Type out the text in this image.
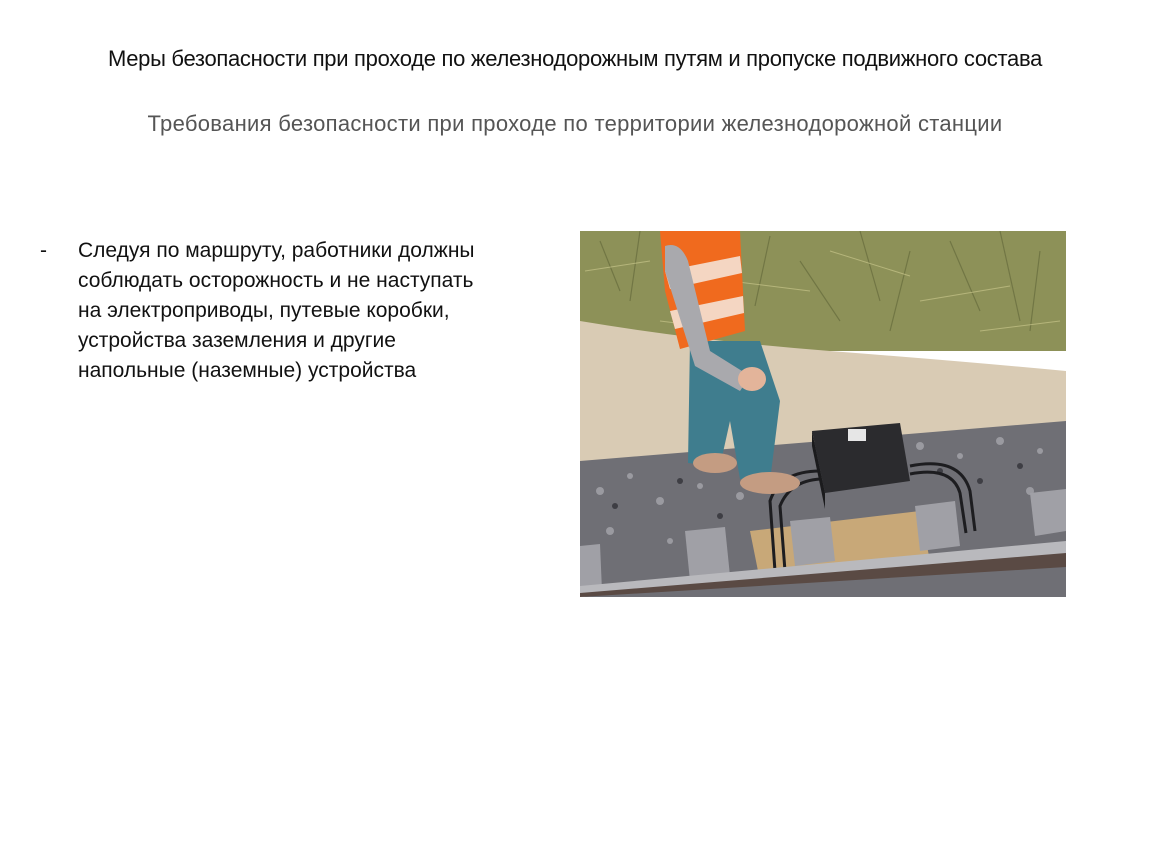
Меры безопасности при проходе по железнодорожным путям и пропуске подвижного состава
Требования безопасности при проходе по территории железнодорожной станции
-	Следуя по маршруту, работники должны соблюдать осторожность и не наступать на электроприводы, путевые коробки, устройства заземления и другие напольные (наземные) устройства
